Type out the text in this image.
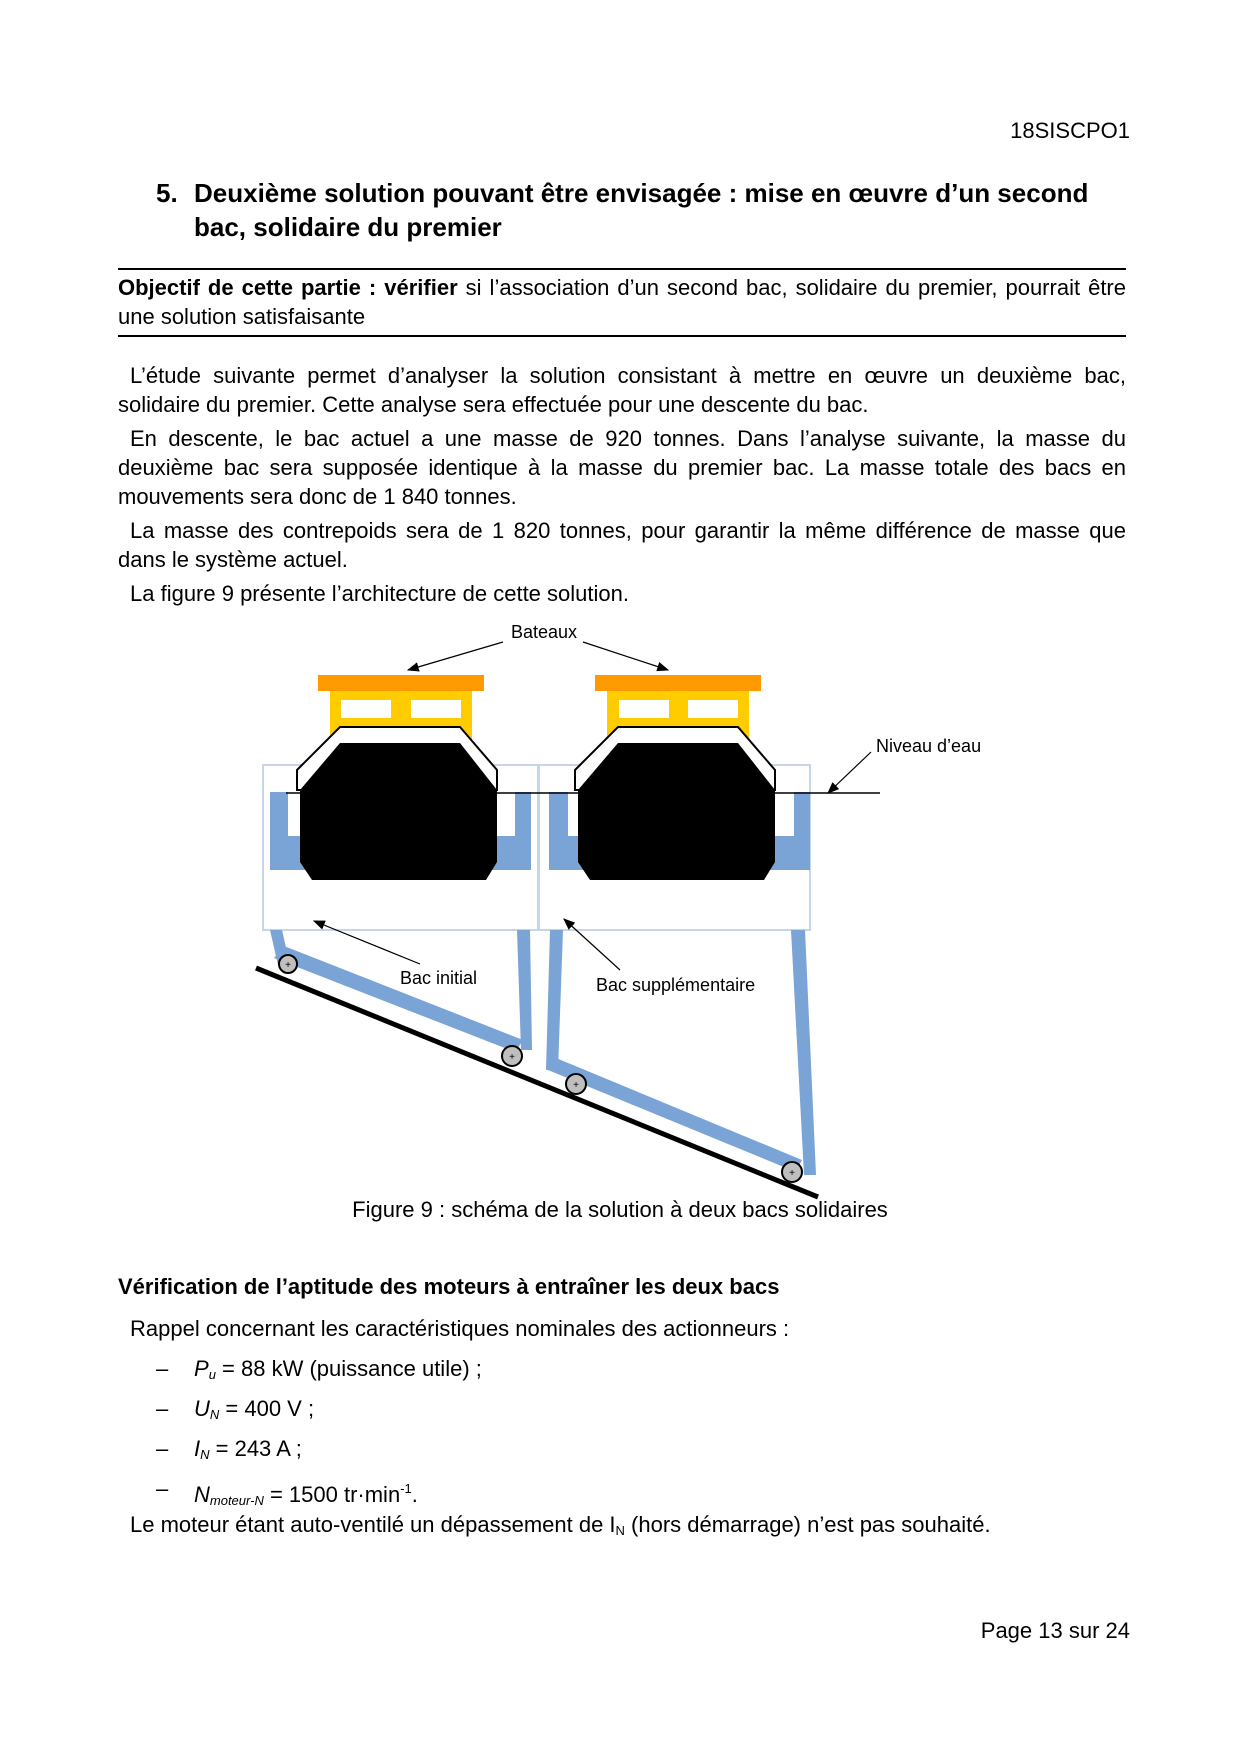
18SISCPO1
5. Deuxième solution pouvant être envisagée : mise en œuvre d’un second bac, solidaire du premier
Objectif de cette partie : vérifier si l’association d’un second bac, solidaire du premier, pourrait être une solution satisfaisante
L’étude suivante permet d’analyser la solution consistant à mettre en œuvre un deuxième bac, solidaire du premier. Cette analyse sera effectuée pour une descente du bac.
En descente, le bac actuel a une masse de 920 tonnes. Dans l’analyse suivante, la masse du deuxième bac sera supposée identique à la masse du premier bac. La masse totale des bacs en mouvements sera donc de 1 840 tonnes.
La masse des contrepoids sera de 1 820 tonnes, pour garantir la même différence de masse que dans le système actuel.
La figure 9 présente l’architecture de cette solution.
+
+
+
+
Bateaux
Niveau d’eau
Bac initial	Bac supplémentaire
Figure 9 : schéma de la solution à deux bacs solidaires
Vérification de l’aptitude des moteurs à entraîner les deux bacs
Rappel concernant les caractéristiques nominales des actionneurs :
– $P_u = 88$ kW (puissance utile) ;
– $U_N = 400$ V ;
– $I_N = 243$ A ;
– $N_{moteur-N} = 1500$ $tr\cdot\min^{-1}$.
Le moteur étant auto-ventilé un dépassement de $I_N$ (hors démarrage) n’est pas souhaité.
Page 13 sur 24
